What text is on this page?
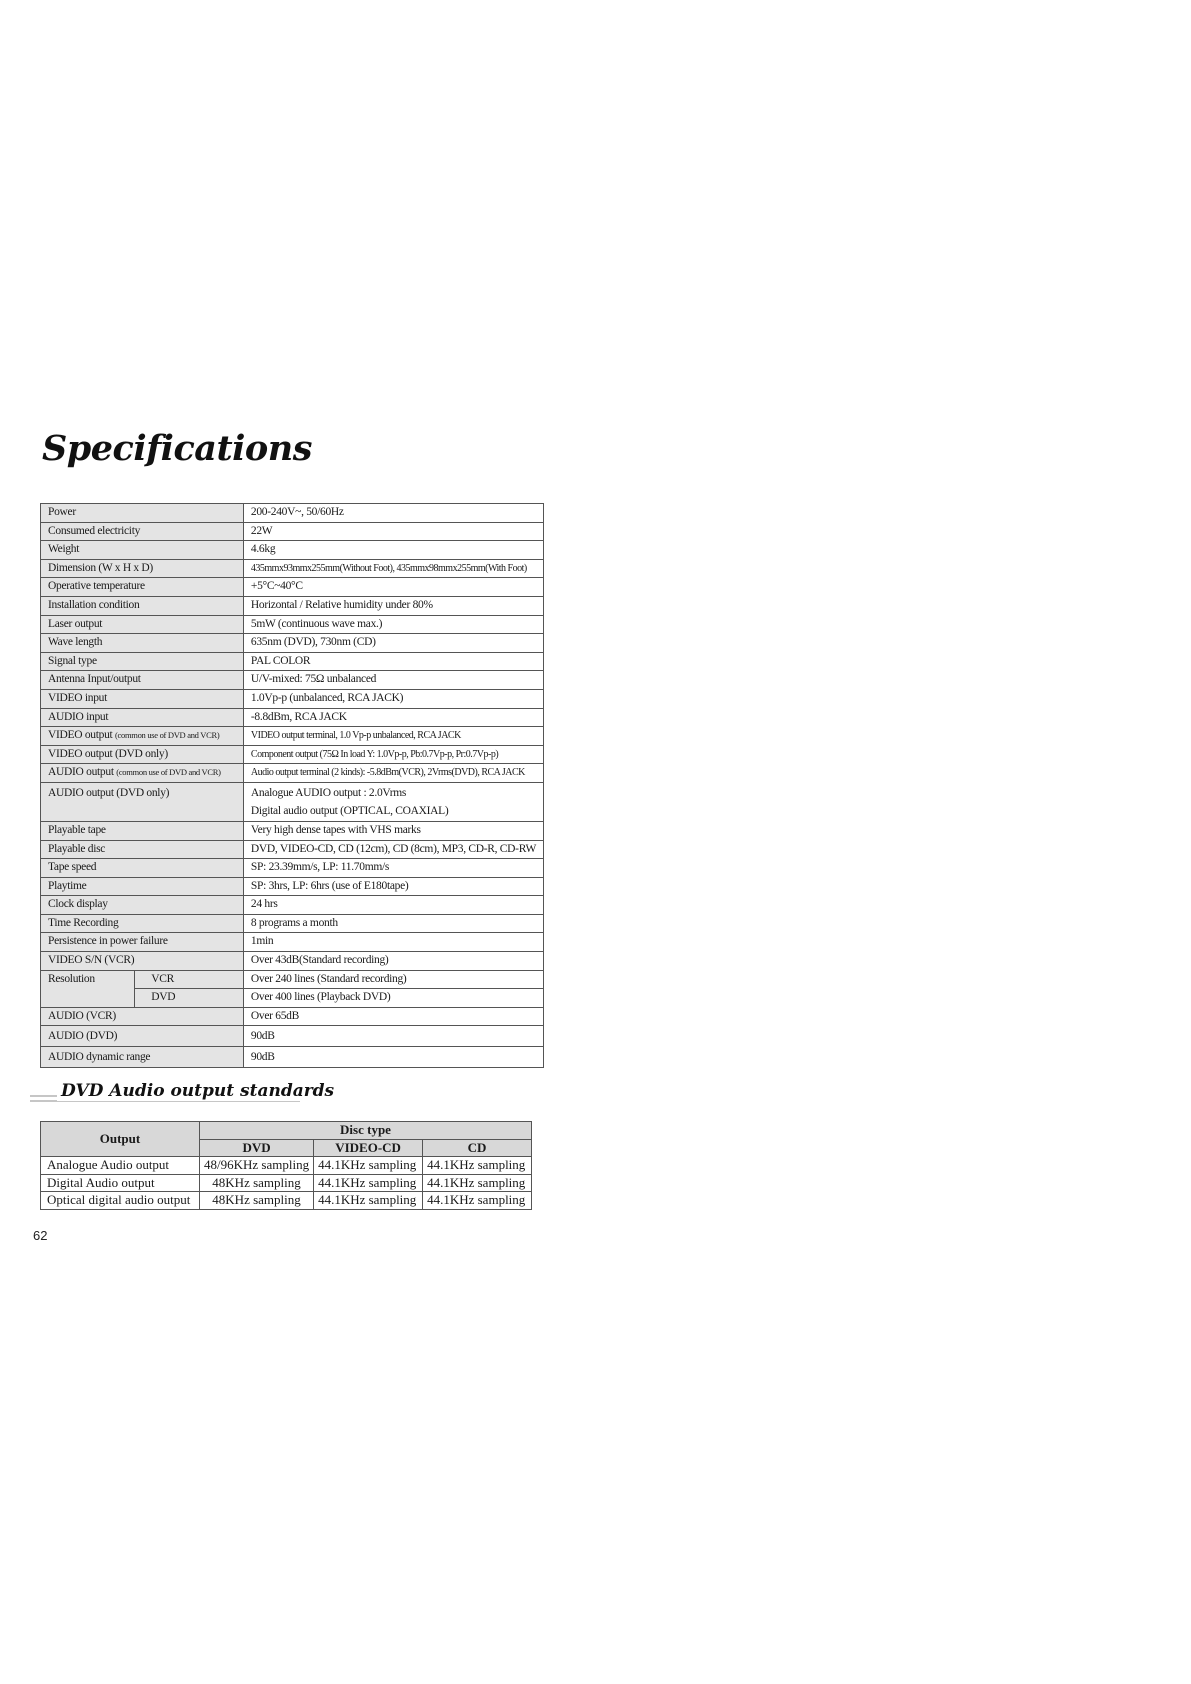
Specifications
Power		200-240V~, 50/60Hz
Consumed electricity		22W
Weight		4.6kg
Dimension (W x H x D)		435mmx93mmx255mm(Without Foot), 435mmx98mmx255mm(With Foot)
Operative temperature		+5°C~40°C
Installation condition		Horizontal / Relative humidity under 80%
Laser output		5mW (continuous wave max.)
Wave length		635nm (DVD), 730nm (CD)
Signal type		PAL COLOR
Antenna Input/output		U/V-mixed: 75Ω unbalanced
VIDEO input		1.0Vp-p (unbalanced, RCA JACK)
AUDIO input		-8.8dBm, RCA JACK
VIDEO output (common use of DVD and VCR)		VIDEO output terminal, 1.0 Vp-p unbalanced, RCA JACK
VIDEO output (DVD only)		Component output (75Ω In load Y: 1.0Vp-p, Pb:0.7Vp-p, Pr:0.7Vp-p)
AUDIO output (common use of DVD and VCR)		Audio output terminal (2 kinds): -5.8dBm(VCR), 2Vrms(DVD), RCA JACK
AUDIO output (DVD only)		Analogue AUDIO output : 2.0Vrms
Digital audio output (OPTICAL, COAXIAL)

Playable tape		Very high dense tapes with VHS marks
Playable disc		DVD, VIDEO-CD, CD (12cm), CD (8cm), MP3, CD-R, CD-RW
Tape speed		SP: 23.39mm/s, LP: 11.70mm/s
Playtime		SP: 3hrs, LP: 6hrs (use of E180tape)
Clock display		24 hrs
Time Recording		8 programs a month
Persistence in power failure		1min
VIDEO S/N (VCR)		Over 43dB(Standard recording)
Resolution	VCR	Over 240 lines (Standard recording)
	DVD	Over 400 lines (Playback DVD)
AUDIO (VCR)		Over 65dB
AUDIO (DVD)		90dB
AUDIO dynamic range		90dB
DVD Audio output standards
Output	Disc type		
	DVD	VIDEO-CD	CD
Analogue Audio output	48/96KHz sampling	44.1KHz sampling	44.1KHz sampling
Digital Audio output	48KHz sampling	44.1KHz sampling	44.1KHz sampling
Optical digital audio output	48KHz sampling	44.1KHz sampling	44.1KHz sampling
62
